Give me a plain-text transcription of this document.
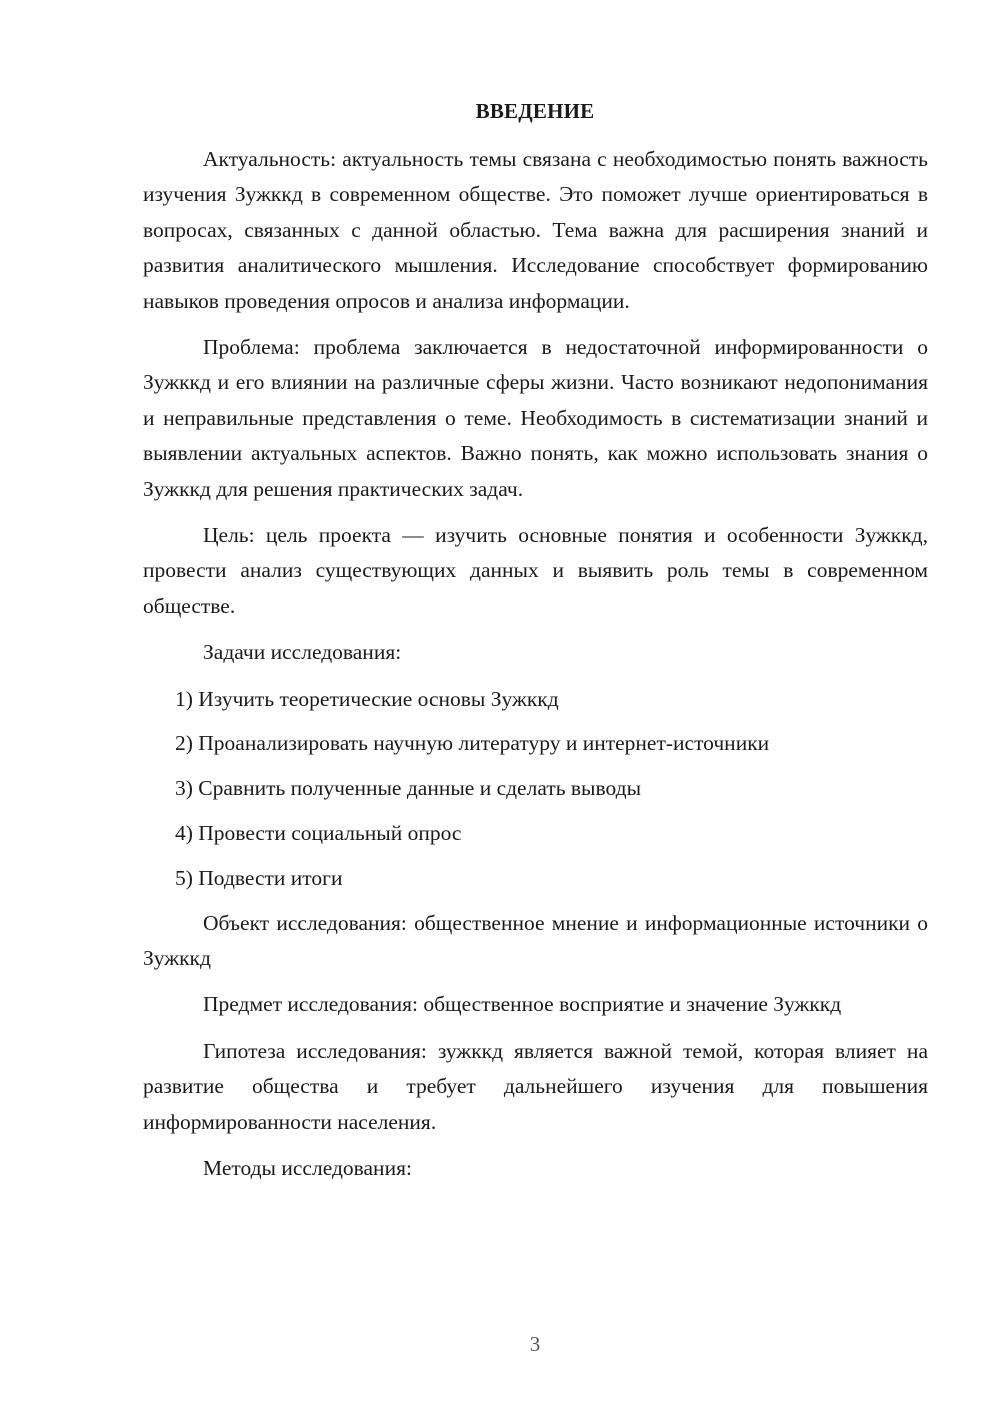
ВВЕДЕНИЕ

Актуальность: актуальность темы связана с необходимостью понять важность изучения Зужккд в современном обществе. Это поможет лучше ориентироваться в вопросах, связанных с данной областью. Тема важна для расширения знаний и развития аналитического мышления. Исследование способствует формированию навыков проведения опросов и анализа информации.

Проблема: проблема заключается в недостаточной информированности о Зужккд и его влиянии на различные сферы жизни. Часто возникают недопонимания и неправильные представления о теме. Необходимость в систематизации знаний и выявлении актуальных аспектов. Важно понять, как можно использовать знания о Зужккд для решения практических задач.

Цель: цель проекта — изучить основные понятия и особенности Зужккд, провести анализ существующих данных и выявить роль темы в современном обществе.

Задачи исследования:

1) Изучить теоретические основы Зужккд

2) Проанализировать научную литературу и интернет-источники

3) Сравнить полученные данные и сделать выводы

4) Провести социальный опрос

5) Подвести итоги

Объект исследования: общественное мнение и информационные источники о Зужккд

Предмет исследования: общественное восприятие и значение Зужккд

Гипотеза исследования: зужккд является важной темой, которая влияет на развитие общества и требует дальнейшего изучения для повышения информированности населения.

Методы исследования:

3
